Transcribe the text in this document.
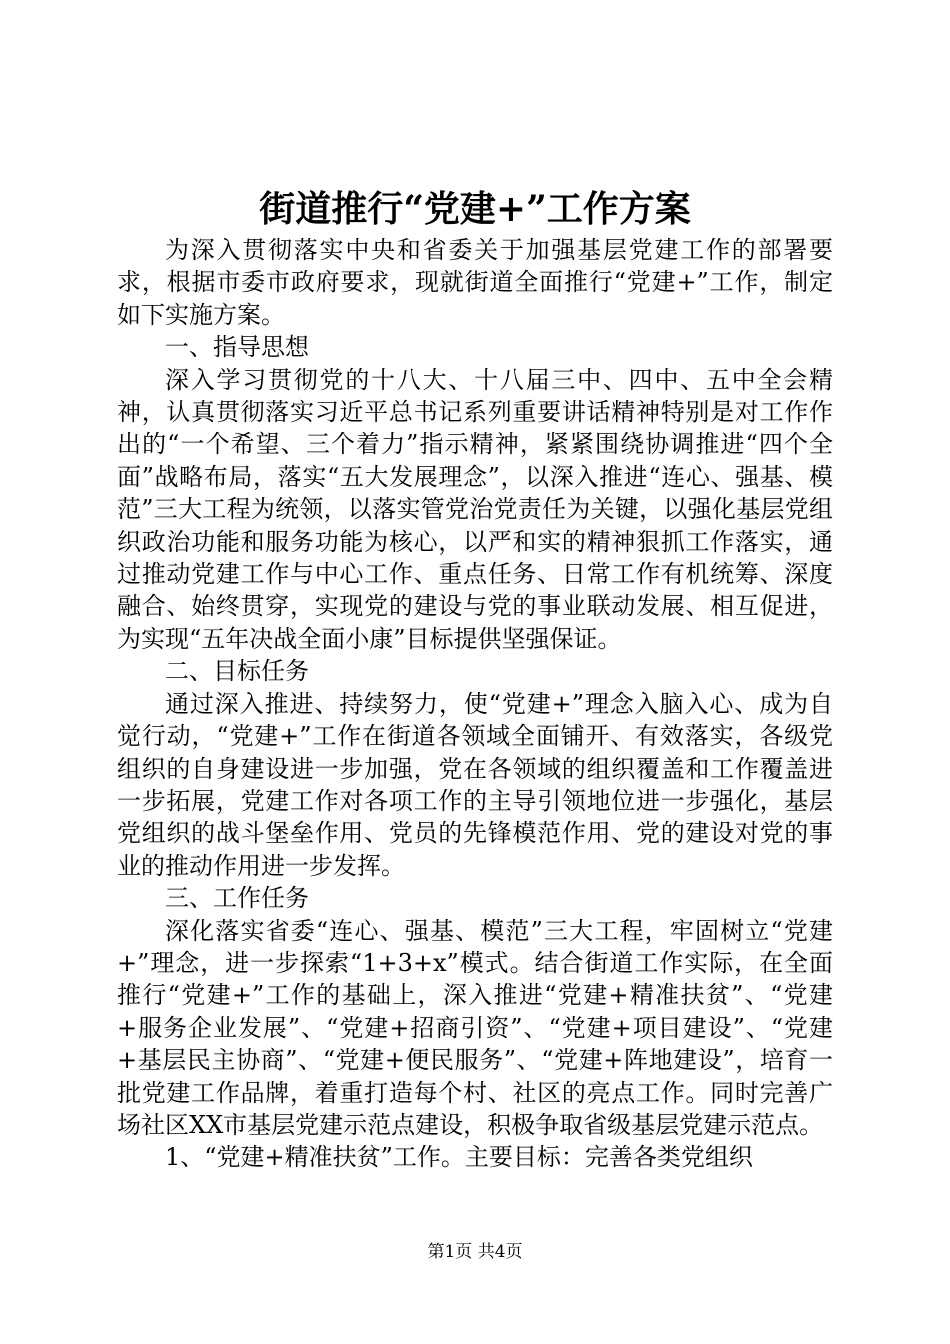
街道推行“党建+”工作方案

为深入贯彻落实中央和省委关于加强基层党建工作的部署要求，根据市委市政府要求，现就街道全面推行“党建+”工作，制定如下实施方案。

一、指导思想

深入学习贯彻党的十八大、十八届三中、四中、五中全会精神，认真贯彻落实习近平总书记系列重要讲话精神特别是对工作作出的“一个希望、三个着力”指示精神，紧紧围绕协调推进“四个全面”战略布局，落实“五大发展理念”，以深入推进“连心、强基、模范”三大工程为统领，以落实管党治党责任为关键，以强化基层党组织政治功能和服务功能为核心，以严和实的精神狠抓工作落实，通过推动党建工作与中心工作、重点任务、日常工作有机统筹、深度融合、始终贯穿，实现党的建设与党的事业联动发展、相互促进，为实现“五年决战全面小康”目标提供坚强保证。

二、目标任务

通过深入推进、持续努力，使“党建+”理念入脑入心、成为自觉行动，“党建+”工作在街道各领域全面铺开、有效落实，各级党组织的自身建设进一步加强，党在各领域的组织覆盖和工作覆盖进一步拓展，党建工作对各项工作的主导引领地位进一步强化，基层党组织的战斗堡垒作用、党员的先锋模范作用、党的建设对党的事业的推动作用进一步发挥。

三、工作任务

深化落实省委“连心、强基、模范”三大工程，牢固树立“党建+”理念，进一步探索“1+3+x”模式。结合街道工作实际，在全面推行“党建+”工作的基础上，深入推进“党建+精准扶贫”、“党建+服务企业发展”、“党建+招商引资”、“党建+项目建设”、“党建+基层民主协商”、“党建+便民服务”、“党建+阵地建设”，培育一批党建工作品牌，着重打造每个村、社区的亮点工作。同时完善广场社区XX市基层党建示范点建设，积极争取省级基层党建示范点。

1、“党建+精准扶贫”工作。主要目标：完善各类党组织

第1页 共4页
